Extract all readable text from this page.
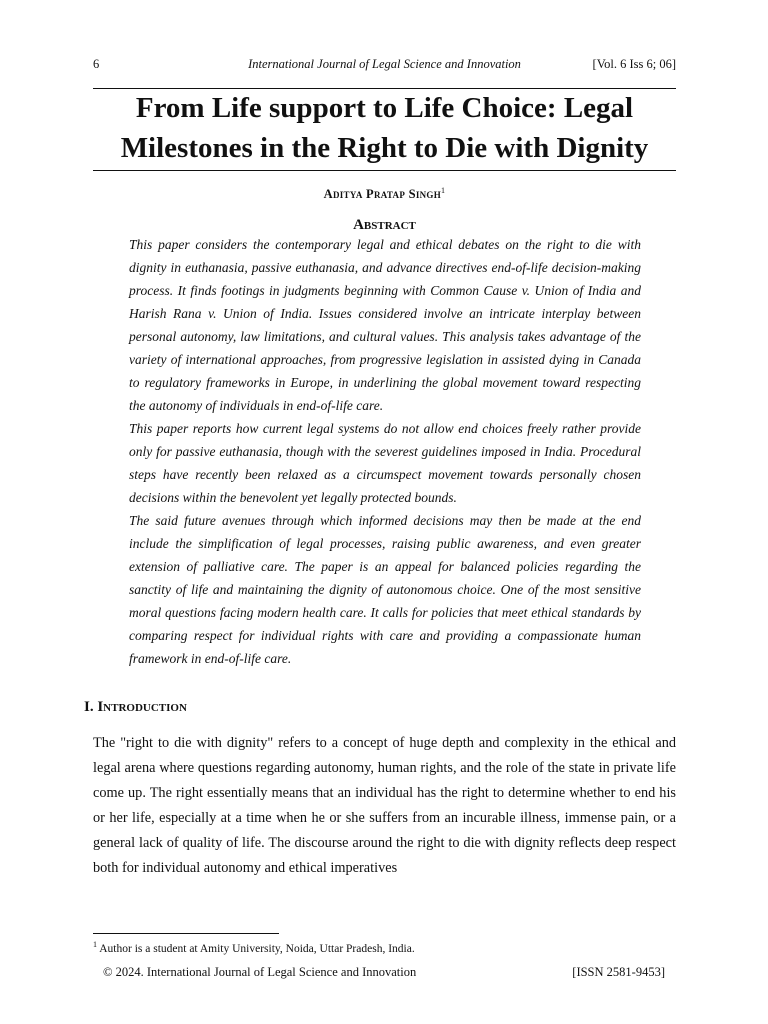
6	International Journal of Legal Science and Innovation	[Vol. 6 Iss 6; 06]
From Life support to Life Choice: Legal Milestones in the Right to Die with Dignity
Aditya Pratap Singh$^1$
Abstract

This paper considers the contemporary legal and ethical debates on the right to die with dignity in euthanasia, passive euthanasia, and advance directives end-of-life decision-making process. It finds footings in judgments beginning with Common Cause v. Union of India and Harish Rana v. Union of India. Issues considered involve an intricate interplay between personal autonomy, law limitations, and cultural values. This analysis takes advantage of the variety of international approaches, from progressive legislation in assisted dying in Canada to regulatory frameworks in Europe, in underlining the global movement toward respecting the autonomy of individuals in end-of-life care.

This paper reports how current legal systems do not allow end choices freely rather provide only for passive euthanasia, though with the severest guidelines imposed in India. Procedural steps have recently been relaxed as a circumspect movement towards personally chosen decisions within the benevolent yet legally protected bounds.

The said future avenues through which informed decisions may then be made at the end include the simplification of legal processes, raising public awareness, and even greater extension of palliative care. The paper is an appeal for balanced policies regarding the sanctity of life and maintaining the dignity of autonomous choice. One of the most sensitive moral questions facing modern health care. It calls for policies that meet ethical standards by comparing respect for individual rights with care and providing a compassionate human framework in end-of-life care.

I. Introduction

The "right to die with dignity" refers to a concept of huge depth and complexity in the ethical and legal arena where questions regarding autonomy, human rights, and the role of the state in private life come up. The right essentially means that an individual has the right to determine whether to end his or her life, especially at a time when he or she suffers from an incurable illness, immense pain, or a general lack of quality of life. The discourse around the right to die with dignity reflects deep respect both for individual autonomy and ethical imperatives

$^1$ Author is a student at Amity University, Noida, Uttar Pradesh, India.
© 2024. International Journal of Legal Science and Innovation	[ISSN 2581-9453]
